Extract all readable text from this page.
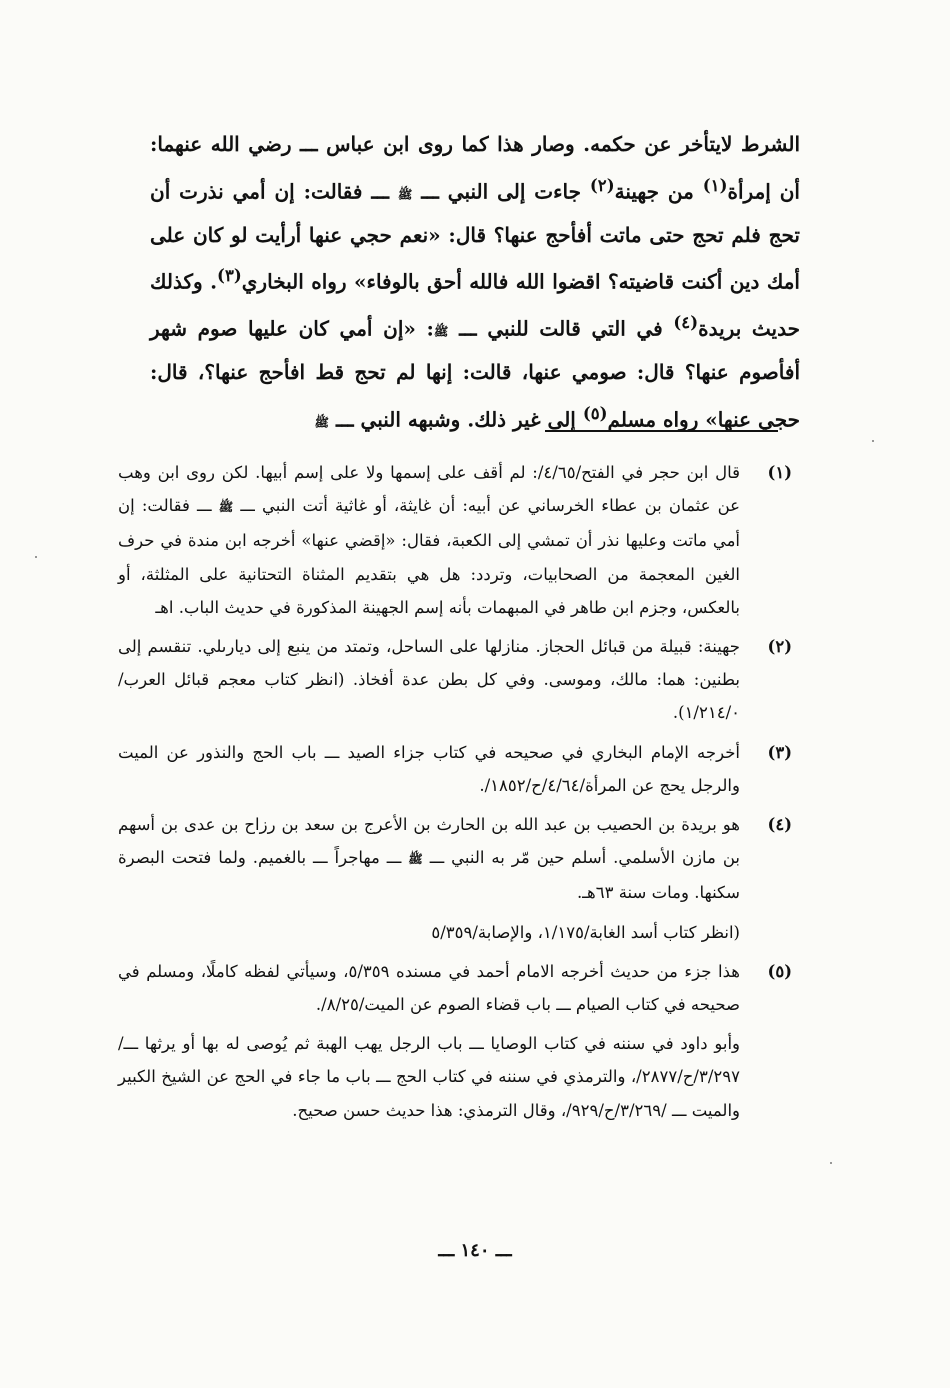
الشرط لايتأخر عن حكمه. وصار هذا كما روى ابن عباس ـــ رضي الله عنهما: أن إمرأة$^{(١)}$ من جهينة$^{(٢)}$ جاءت إلى النبي ـــ ﷺ ـــ فقالت: إن أمي نذرت أن تحج فلم تحج حتى ماتت أفأحج عنها؟ قال: «نعم حجي عنها أرأيت لو كان على أمك دين أكنت قاضيته؟ اقضوا الله فالله أحق بالوفاء» رواه البخاري$^{(٣)}$. وكذلك حديث بريدة$^{(٤)}$ في التي قالت للنبي ـــ ﷺ: «إن أمي كان عليها صوم شهر أفأصوم عنها؟ قال: صومي عنها، قالت: إنها لم تحج قط افأحج عنها؟، قال: حجي عنها» رواه مسلم$^{(٥)}$ إلى غير ذلك. وشبهه النبي ـــ ﷺ

(١)

قال ابن حجر في الفتح/٤/٦٥/: لم أقف على إسمها ولا على إسم أبيها. لكن روى ابن وهب عن عثمان بن عطاء الخرساني عن أبيه: أن غايثة، أو غاثية أتت النبي ـــ ﷺ ـــ فقالت: إن أمي ماتت وعليها نذر أن تمشي إلى الكعبة، فقال: «إقضي عنها» أخرجه ابن مندة في حرف الغين المعجمة من الصحابيات، وتردد: هل هي بتقديم المثناة التحتانية على المثلثة، أو بالعكس، وجزم ابن طاهر في المبهمات بأنه إسم الجهينة المذكورة في حديث الباب. اهـ

(٢)

جهينة: قبيلة من قبائل الحجاز. منازلها على الساحل، وتمتد من ينبع إلى ديارىلي. تنقسم إلى بطنين: هما: مالك، وموسى. وفي كل بطن عدة أفخاذ. (انظر كتاب معجم قبائل العرب/١/٢١٤/٠).

(٣)

أخرجه الإمام البخاري في صحيحه في كتاب جزاء الصيد ـــ باب الحج والنذور عن الميت والرجل يحج عن المرأة/٤/٦٤/ح/١٨٥٢/.

(٤)

هو بريدة بن الحصيب بن عبد الله بن الحارث بن الأعرج بن سعد بن رزاح بن عدى بن أسهم بن مازن الأسلمي. أسلم حين مّر به النبي ـــ ﷺ ـــ مهاجراً ـــ بالغميم. ولما فتحت البصرة سكنها. ومات سنة ٦٣هـ.

(انظر كتاب أسد الغابة/١/١٧٥، والإصابة/٥/٣٥٩

(٥)

هذا جزء من حديث أخرجه الامام أحمد في مسنده ٥/٣٥٩، وسيأتي لفظه كاملًا، ومسلم في صحيحه في كتاب الصيام ـــ باب قضاء الصوم عن الميت/٨/٢٥/.

وأبو داود في سننه في كتاب الوصايا ـــ باب الرجل يهب الهبة ثم يُوصى له بها أو يرثها ـــ/٣/٢٩٧/ح/٢٨٧٧/، والترمذي في سننه في كتاب الحج ـــ باب ما جاء في الحج عن الشيخ الكبير والميت ـــ /٣/٢٦٩/ح/٩٢٩/، وقال الترمذي: هذا حديث حسن صحيح.

ـــ ١٤٠ ـــ
